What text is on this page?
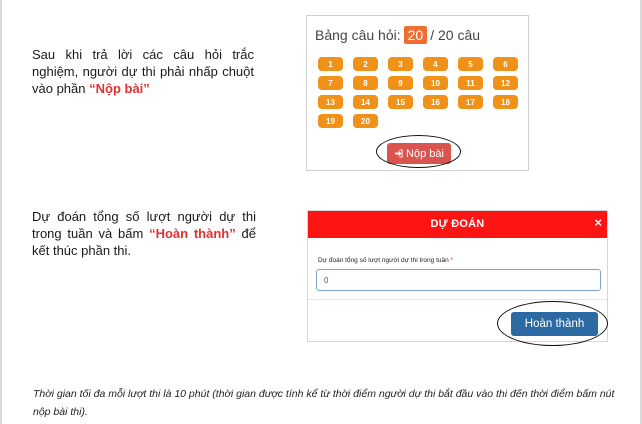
Sau khi trả lời các câu hỏi trắc nghiệm, người dự thi phải nhấp chuột vào phần “Nộp bài”
Bảng câu hỏi: 20 / 20 câu
1	2	3	4	5	6
7	8	9	10	11	12
13	14	15	16	17	18
19	20
Nộp bài
Dự đoán tổng số lượt người dự thi trong tuần và bấm “Hoàn thành” để kết thúc phần thi.
DỰ ĐOÁN	×
Dự đoán tổng số lượt người dự thi trong tuần *
0
Hoàn thành
Thời gian tối đa mỗi lượt thi là 10 phút (thời gian được tính kể từ thời điểm người dự thi bắt đầu vào thi đến thời điểm bấm nút nộp bài thi).
